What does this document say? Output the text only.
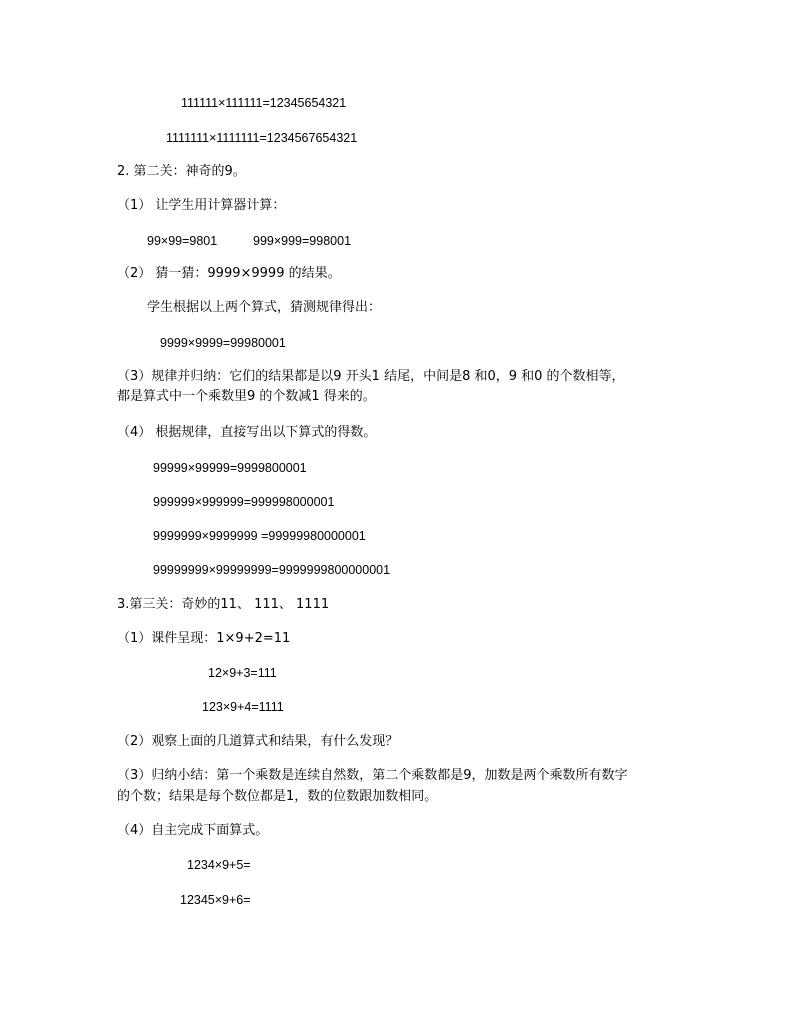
111111×111111=12345654321
1111111×1111111=1234567654321
2. 第二关：神奇的9。
（1） 让学生用计算器计算：
99×99=9801	999×999=998001
（2） 猜一猜：9999×9999 的结果。
学生根据以上两个算式，猜测规律得出：
9999×9999=99980001
（3）规律并归纳：它们的结果都是以9 开头1 结尾，中间是8 和0，9 和0 的个数相等，
都是算式中一个乘数里9 的个数减1 得来的。
（4） 根据规律，直接写出以下算式的得数。
99999×99999=9999800001
999999×999999=999998000001
9999999×9999999 =99999980000001
99999999×99999999=9999999800000001
3.第三关：奇妙的11、 111、 1111
（1）课件呈现：1×9+2=11
12×9+3=111
123×9+4=1111
（2）观察上面的几道算式和结果，有什么发现？
（3）归纳小结：第一个乘数是连续自然数，第二个乘数都是9，加数是两个乘数所有数字
的个数；结果是每个数位都是1，数的位数跟加数相同。
（4）自主完成下面算式。
1234×9+5=
12345×9+6=
